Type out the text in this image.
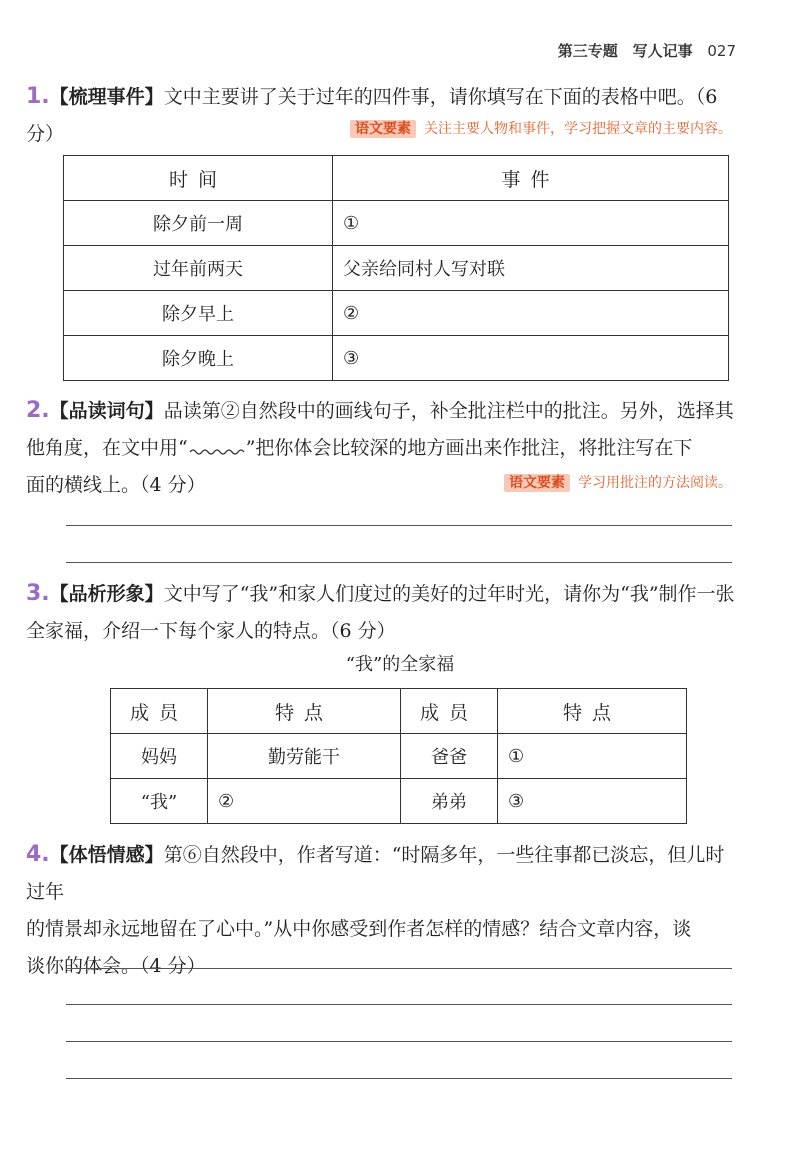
第三专题 写人记事 027
1.【梳理事件】文中主要讲了关于过年的四件事，请你填写在下面的表格中吧。（6 分）	语文要素 关注主要人物和事件，学习把握文章的主要内容。
时间	事件
除夕前一周	①
过年前两天	父亲给同村人写对联
除夕早上	②
除夕晚上	③
2.【品读词句】品读第②自然段中的画线句子，补全批注栏中的批注。另外，选择其
他角度，在文中用“	”把你体会比较深的地方画出来作批注，将批注写在下
面的横线上。（4 分）	语文要素 学习用批注的方法阅读。
3.【品析形象】文中写了“我”和家人们度过的美好的过年时光，请你为“我”制作一张
全家福，介绍一下每个家人的特点。（6 分）
“我”的全家福
成员	特点	成员	特点
妈妈	勤劳能干	爸爸	①
“我”	②	弟弟	③
4.【体悟情感】第⑥自然段中，作者写道：“时隔多年，一些往事都已淡忘，但儿时过年
的情景却永远地留在了心中。”从中你感受到作者怎样的情感？结合文章内容，谈
谈你的体会。（4 分）
